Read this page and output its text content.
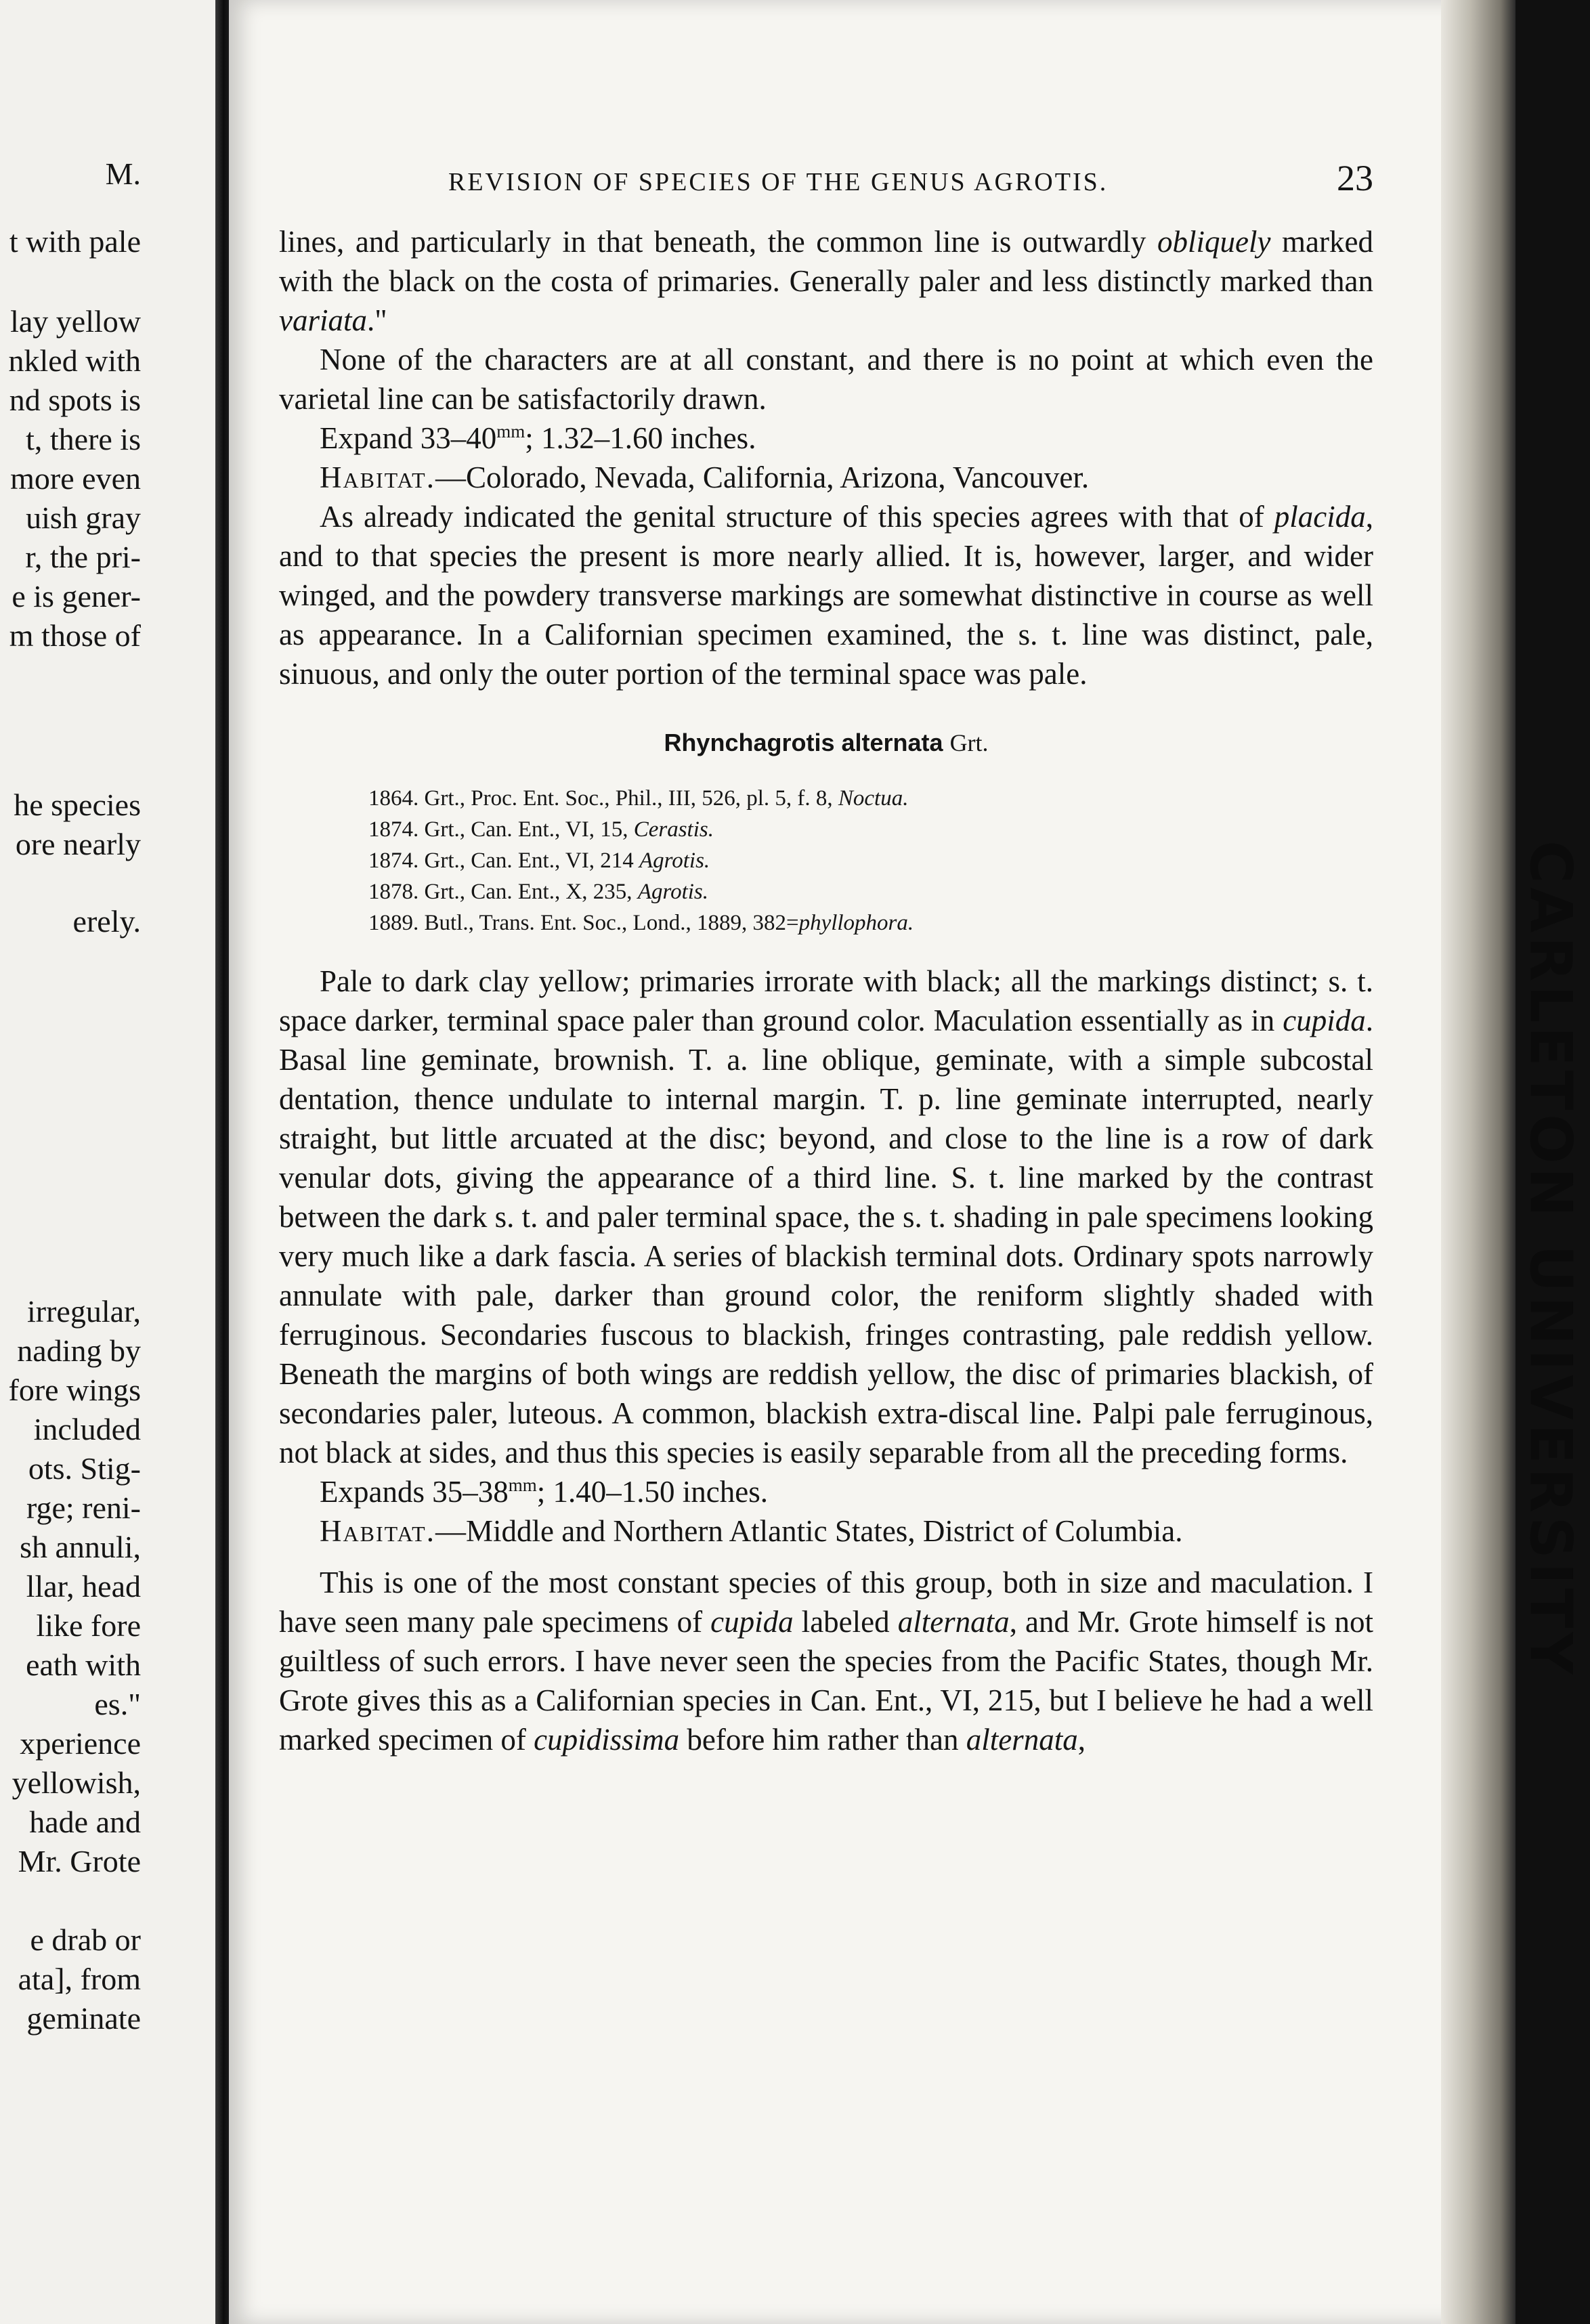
M.
t with pale
lay yellow
nkled with
nd spots is
t, there is
more even
uish gray
r, the pri-
e is gener-
m those of
he species
ore nearly
erely.
irregular,
nading by
fore wings
included
ots. Stig-
rge; reni-
sh annuli,
llar, head
like fore
eath with
es."
xperience
yellowish,
hade and
Mr. Grote
e drab or
ata], from
geminate
CARLETON UNIVERSITY
REVISION OF SPECIES OF THE GENUS AGROTIS.	23

lines, and particularly in that beneath, the common line is outwardly obliquely marked with the black on the costa of primaries. Generally paler and less distinctly marked than variata."

None of the characters are at all constant, and there is no point at which even the varietal line can be satisfactorily drawn.

Expand $33-40^{mm}$; 1.32–1.60 inches.

Habitat.—Colorado, Nevada, California, Arizona, Vancouver.

As already indicated the genital structure of this species agrees with that of placida, and to that species the present is more nearly allied. It is, however, larger, and wider winged, and the powdery transverse markings are somewhat distinctive in course as well as appearance. In a Californian specimen examined, the s. t. line was distinct, pale, sinuous, and only the outer portion of the terminal space was pale.

Rhynchagrotis alternata Grt.
1864. Grt., Proc. Ent. Soc., Phil., III, 526, pl. 5, f. 8, Noctua.
1874. Grt., Can. Ent., VI, 15, Cerastis.
1874. Grt., Can. Ent., VI, 214 Agrotis.
1878. Grt., Can. Ent., X, 235, Agrotis.
1889. Butl., Trans. Ent. Soc., Lond., 1889, 382=phyllophora.

Pale to dark clay yellow; primaries irrorate with black; all the markings distinct; s. t. space darker, terminal space paler than ground color. Maculation essentially as in cupida. Basal line geminate, brownish. T. a. line oblique, geminate, with a simple subcostal dentation, thence undulate to internal margin. T. p. line geminate interrupted, nearly straight, but little arcuated at the disc; beyond, and close to the line is a row of dark venular dots, giving the appearance of a third line. S. t. line marked by the contrast between the dark s. t. and paler terminal space, the s. t. shading in pale specimens looking very much like a dark fascia. A series of blackish terminal dots. Ordinary spots narrowly annulate with pale, darker than ground color, the reniform slightly shaded with ferruginous. Secondaries fuscous to blackish, fringes contrasting, pale reddish yellow. Beneath the margins of both wings are reddish yellow, the disc of primaries blackish, of secondaries paler, luteous. A common, blackish extra-discal line. Palpi pale ferruginous, not black at sides, and thus this species is easily separable from all the preceding forms.

Expands $35-38^{mm}$; 1.40–1.50 inches.

Habitat.—Middle and Northern Atlantic States, District of Columbia.

This is one of the most constant species of this group, both in size and maculation. I have seen many pale specimens of cupida labeled alternata, and Mr. Grote himself is not guiltless of such errors. I have never seen the species from the Pacific States, though Mr. Grote gives this as a Californian species in Can. Ent., VI, 215, but I believe he had a well marked specimen of cupidissima before him rather than alternata,
